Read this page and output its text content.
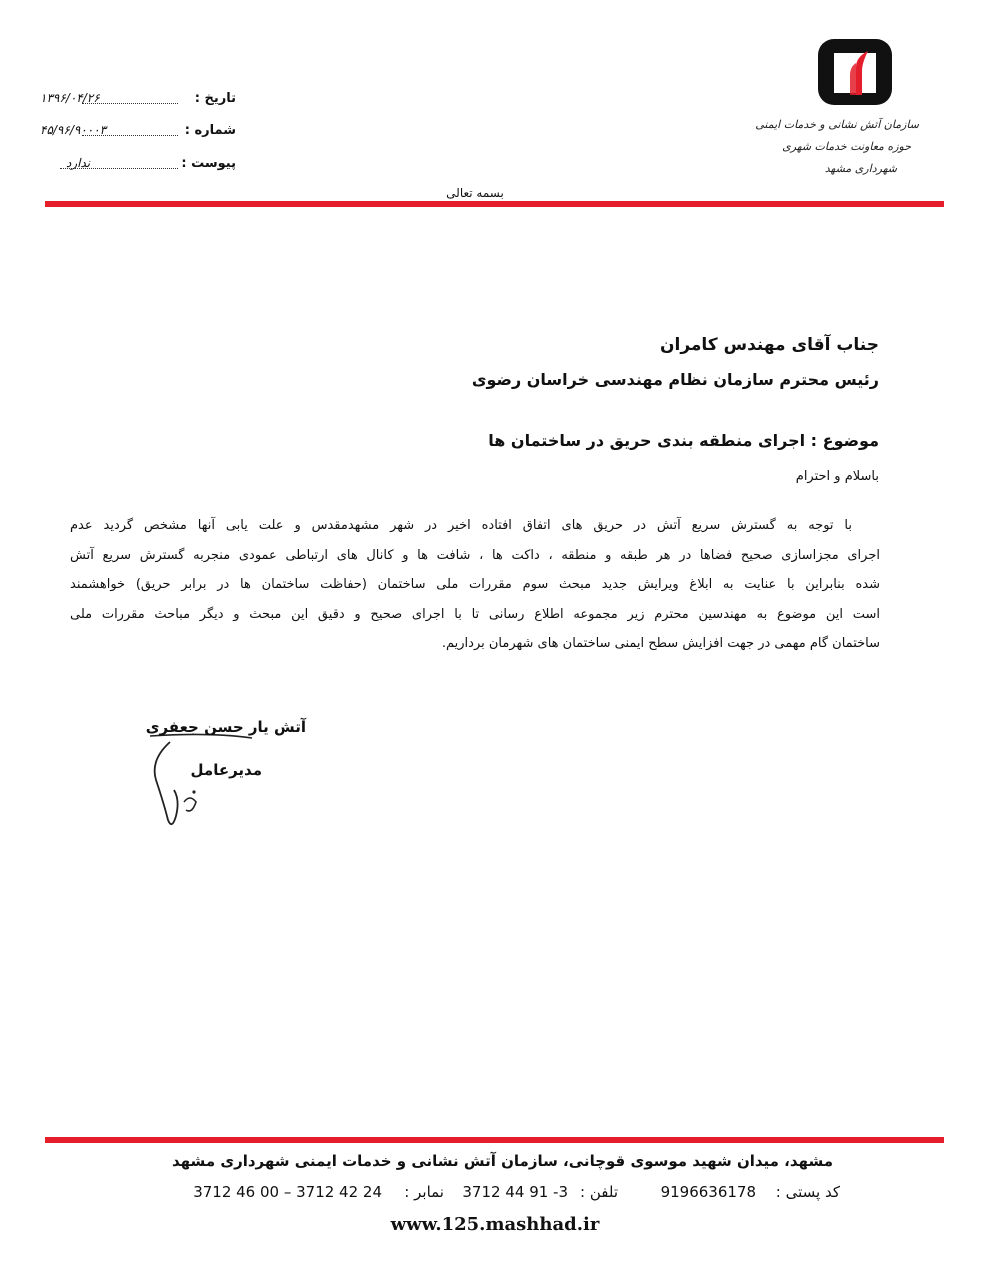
سازمان آتش نشانی و خدمات ایمنی
حوزه معاونت خدمات شهری
شهرداری مشهد
تاریخ :
۱۳۹۶/۰۴/۲۶
شماره :
۴۵/۹۶/۹۰۰۰۳
پیوست :
ندارد
بسمه تعالی
جناب آقای مهندس کامران
رئیس محترم سازمان نظام مهندسی خراسان رضوی
موضوع : اجرای منطقه بندی حریق در ساختمان ها
باسلام و احترام
با توجه به گسترش سریع آتش در حریق های اتفاق افتاده اخیر در شهر مشهدمقدس و علت یابی آنها مشخص گردید عدم
اجرای مجزاسازی صحیح فضاها در هر طبقه و منطقه ، داکت ها ، شافت ها و کانال های ارتباطی عمودی منجربه گسترش سریع آتش
شده بنابراین با عنایت به ابلاغ ویرایش جدید مبحث سوم مقررات ملی ساختمان (حفاظت ساختمان ها در برابر حریق) خواهشمند
است این موضوع به مهندسین محترم زیر مجموعه اطلاع رسانی تا با اجرای صحیح و دقیق این مبحث و دیگر مباحث مقررات ملی
ساختمان گام مهمی در جهت افزایش سطح ایمنی ساختمان های شهرمان برداریم.
آتش یار حسن جعفری
مدیرعامل
مشهد، میدان شهید موسوی قوچانی، سازمان آتش نشانی و خدمات ایمنی شهرداری مشهد
کد پستی :
9196636178
تلفن :
3712 44 91 -3
نمابر :
3712 46 00 – 3712 42 24
www.125.mashhad.ir
